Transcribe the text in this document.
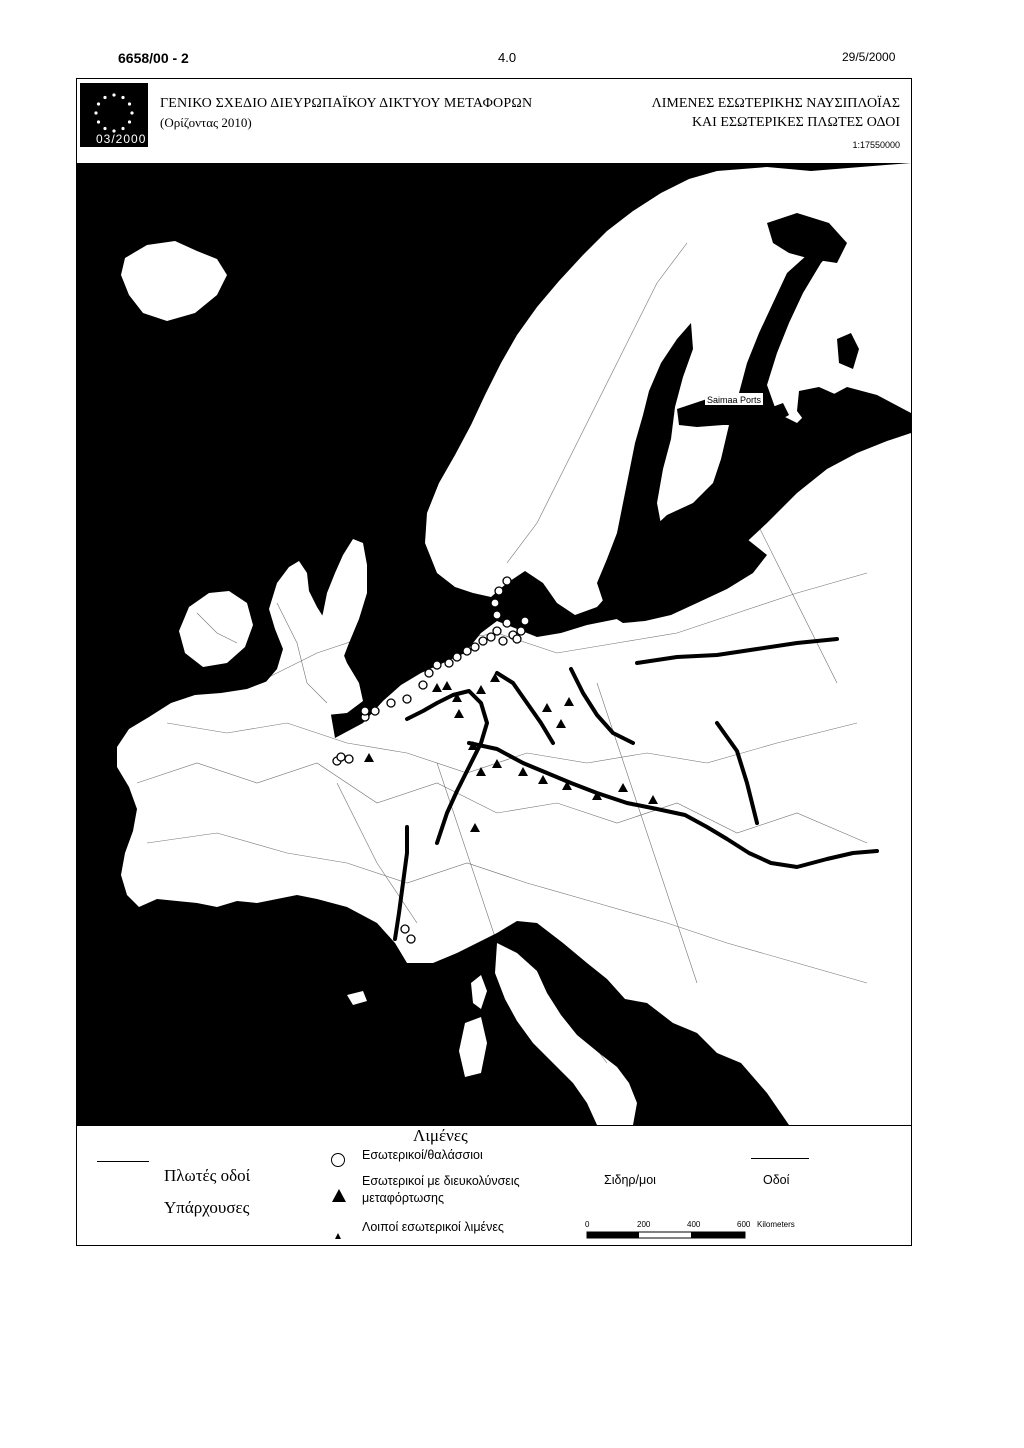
6658/00 - 2	4.0	29/5/2000
03/2000
ΓΕΝΙΚΟ ΣΧΕΔΙΟ ΔΙΕΥΡΩΠΑΪΚΟΥ ΔΙΚΤΥΟΥ ΜΕΤΑΦΟΡΩΝ
(Ορίζοντας 2010)
ΛΙΜΕΝΕΣ ΕΣΩΤΕΡΙΚΗΣ ΝΑΥΣΙΠΛΟΪΑΣ
ΚΑΙ ΕΣΩΤΕΡΙΚΕΣ ΠΛΩΤΕΣ ΟΔΟΙ
1:17550000
Saimaa Ports
Λιμένες
Πλωτές οδοί
Υπάρχουσες
Εσωτερικοί/θαλάσσιοι
Εσωτερικοί με διευκολύνσεις
μεταφόρτωσης
Λοιποί εσωτερικοί λιμένες
Σιδηρ/μοι	Οδοί
0	200	400	600 Kilometers
